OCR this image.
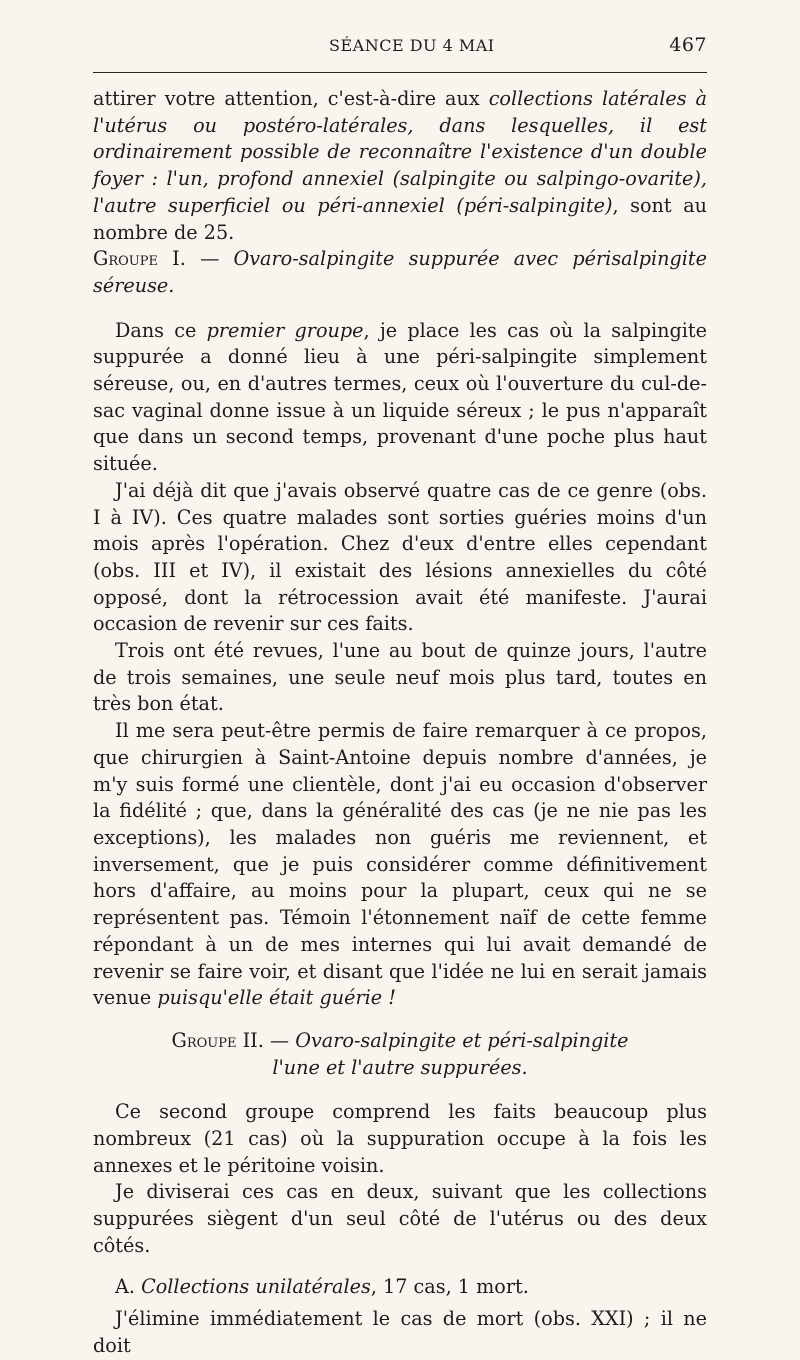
SÉANCE DU 4 MAI	467

attirer votre attention, c'est-à-dire aux collections latérales à l'utérus ou postéro-latérales, dans lesquelles, il est ordinairement possible de reconnaître l'existence d'un double foyer : l'un, profond annexiel (salpingite ou salpingo-ovarite), l'autre superficiel ou péri-annexiel (péri-salpingite), sont au nombre de 25.

Groupe I. — Ovaro-salpingite suppurée avec périsalpingite séreuse.

Dans ce premier groupe, je place les cas où la salpingite suppurée a donné lieu à une péri-salpingite simplement séreuse, ou, en d'autres termes, ceux où l'ouverture du cul-de-sac vaginal donne issue à un liquide séreux ; le pus n'apparaît que dans un second temps, provenant d'une poche plus haut située.

J'ai déjà dit que j'avais observé quatre cas de ce genre (obs. I à IV). Ces quatre malades sont sorties guéries moins d'un mois après l'opération. Chez d'eux d'entre elles cependant (obs. III et IV), il existait des lésions annexielles du côté opposé, dont la rétrocession avait été manifeste. J'aurai occasion de revenir sur ces faits.

Trois ont été revues, l'une au bout de quinze jours, l'autre de trois semaines, une seule neuf mois plus tard, toutes en très bon état.

Il me sera peut-être permis de faire remarquer à ce propos, que chirurgien à Saint-Antoine depuis nombre d'années, je m'y suis formé une clientèle, dont j'ai eu occasion d'observer la fidélité ; que, dans la généralité des cas (je ne nie pas les exceptions), les malades non guéris me reviennent, et inversement, que je puis considérer comme définitivement hors d'affaire, au moins pour la plupart, ceux qui ne se représentent pas. Témoin l'étonnement naïf de cette femme répondant à un de mes internes qui lui avait demandé de revenir se faire voir, et disant que l'idée ne lui en serait jamais venue puisqu'elle était guérie !

Groupe II. — Ovaro-salpingite et péri-salpingite
l'une et l'autre suppurées.

Ce second groupe comprend les faits beaucoup plus nombreux (21 cas) où la suppuration occupe à la fois les annexes et le péritoine voisin.

Je diviserai ces cas en deux, suivant que les collections suppurées siègent d'un seul côté de l'utérus ou des deux côtés.

A. Collections unilatérales, 17 cas, 1 mort.

J'élimine immédiatement le cas de mort (obs. XXI) ; il ne doit
